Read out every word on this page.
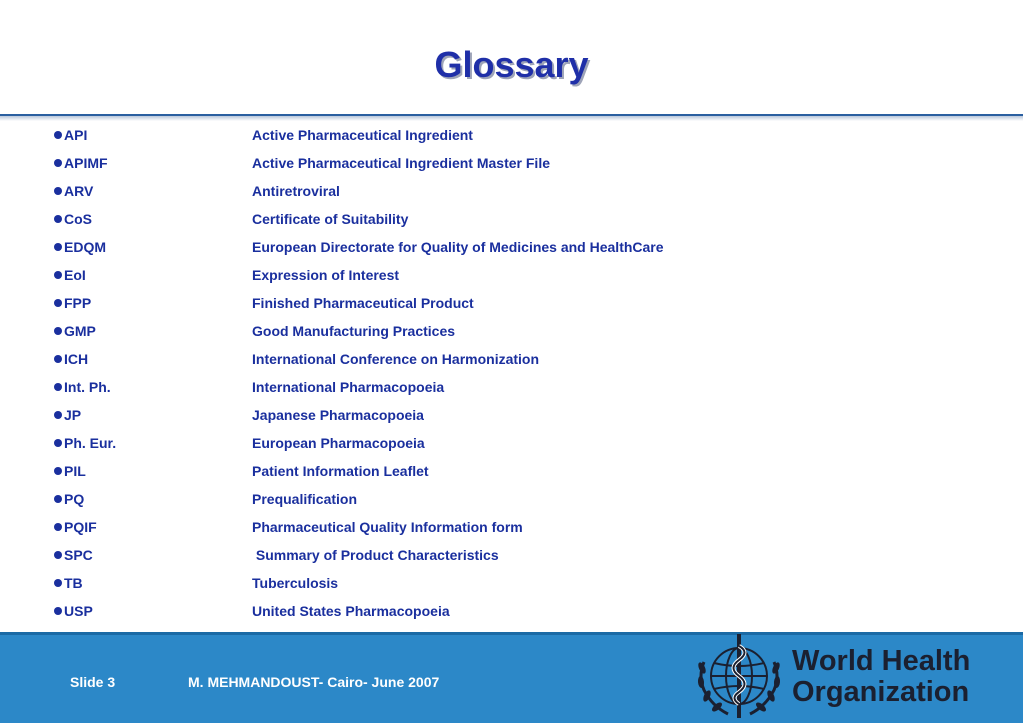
Glossary
API	Active Pharmaceutical Ingredient
APIMF	Active Pharmaceutical Ingredient Master File
ARV	Antiretroviral
CoS	Certificate of Suitability
EDQM	European Directorate for Quality of Medicines and HealthCare
EoI	Expression of Interest
FPP	Finished Pharmaceutical Product
GMP	Good Manufacturing Practices
ICH	International Conference on Harmonization
Int. Ph.	International Pharmacopoeia
JP	Japanese Pharmacopoeia
Ph. Eur.	European Pharmacopoeia
PIL	Patient Information Leaflet
PQ	Prequalification
PQIF	Pharmaceutical Quality Information form
SPC	Summary of Product Characteristics
TB	Tuberculosis
USP	United States Pharmacopoeia
Slide 3	M. MEHMANDOUST- Cairo- June 2007
World Health
Organization
